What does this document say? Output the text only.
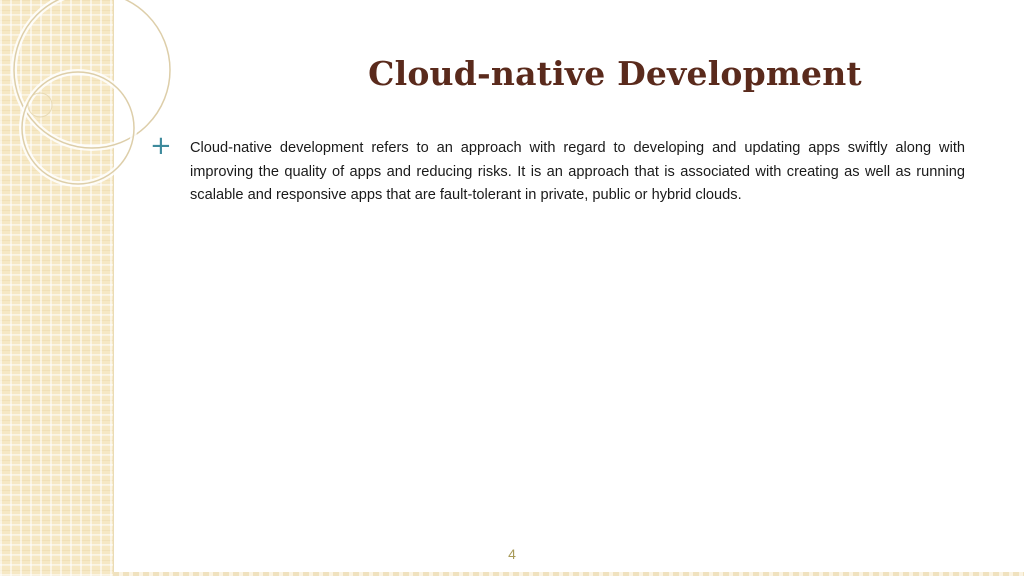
Cloud-native Development
+ Cloud-native development refers to an approach with regard to developing and updating apps swiftly along with improving the quality of apps and reducing risks. It is an approach that is associated with creating as well as running scalable and responsive apps that are fault-tolerant in private, public or hybrid clouds.

4
